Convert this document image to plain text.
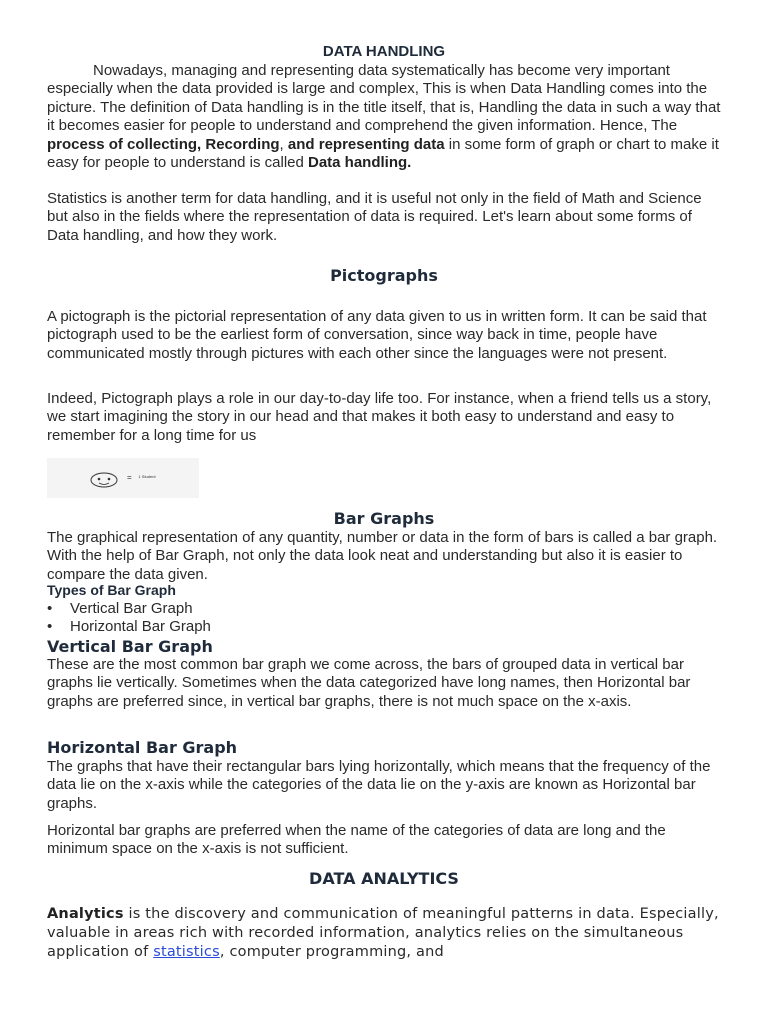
DATA HANDLING

Nowadays, managing and representing data systematically has become very important especially when the data provided is large and complex, This is when Data Handling comes into the picture. The definition of Data handling is in the title itself, that is, Handling the data in such a way that it becomes easier for people to understand and comprehend the given information. Hence, The process of collecting, Recording, and representing data in some form of graph or chart to make it easy for people to understand is called Data handling.

Statistics is another term for data handling, and it is useful not only in the field of Math and Science but also in the fields where the representation of data is required. Let's learn about some forms of Data handling, and how they work.

Pictographs

A pictograph is the pictorial representation of any data given to us in written form. It can be said that pictograph used to be the earliest form of conversation, since way back in time, people have communicated mostly through pictures with each other since the languages were not present.

Indeed, Pictograph plays a role in our day-to-day life too. For instance, when a friend tells us a story, we start imagining the story in our head and that makes it both easy to understand and easy to remember for a long time for us

=	1 Student
Bar Graphs

The graphical representation of any quantity, number or data in the form of bars is called a bar graph. With the help of Bar Graph, not only the data look neat and understanding but also it is easier to compare the data given.

Types of Bar Graph
• Vertical Bar Graph
• Horizontal Bar Graph
Vertical Bar Graph

These are the most common bar graph we come across, the bars of grouped data in vertical bar graphs lie vertically. Sometimes when the data categorized have long names, then Horizontal bar graphs are preferred since, in vertical bar graphs, there is not much space on the x-axis.

Horizontal Bar Graph

The graphs that have their rectangular bars lying horizontally, which means that the frequency of the data lie on the x-axis while the categories of the data lie on the y-axis are known as Horizontal bar graphs.

Horizontal bar graphs are preferred when the name of the categories of data are long and the minimum space on the x-axis is not sufficient.

DATA ANALYTICS

Analytics is the discovery and communication of meaningful patterns in data. Especially, valuable in areas rich with recorded information, analytics relies on the simultaneous application of statistics, computer programming, and
